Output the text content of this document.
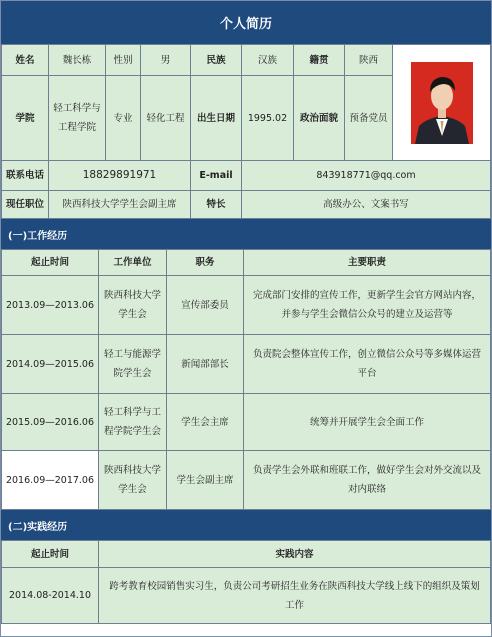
个人简历
姓名	魏长栋	性别	男	民族	汉族	籍贯	陕西	

学院	轻工科学与工程学院	专业	轻化工程	出生日期	1995.02	政治面貌	预备党员	
联系电话	18829891971			E-mail	843918771@qq.com			
现任职位	陕西科技大学学生会副主席			特长	高级办公、文案书写			
(一)工作经历
起止时间	工作单位	职务	主要职责
2013.09—2013.06	陕西科技大学学生会	宣传部委员	完成部门安排的宣传工作，更新学生会官方网站内容，并参与学生会微信公众号的建立及运营等
2014.09—2015.06	轻工与能源学院学生会	新闻部部长	负责院会整体宣传工作，创立微信公众号等多媒体运营平台
2015.09—2016.06	轻工科学与工程学院学生会	学生会主席	统筹并开展学生会全面工作
2016.09—2017.06	陕西科技大学学生会	学生会副主席	负责学生会外联和班联工作，做好学生会对外交流以及对内联络
(二)实践经历
起止时间	实践内容
2014.08-2014.10	跨考教育校园销售实习生，负责公司考研招生业务在陕西科技大学线上线下的组织及策划工作
